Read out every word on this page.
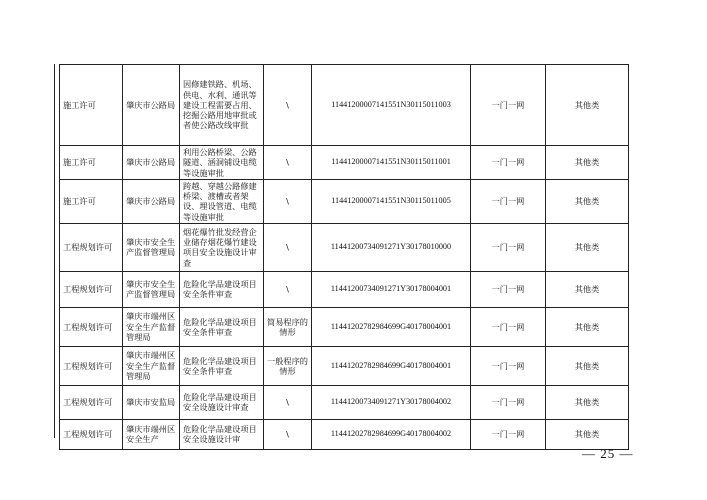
施工许可	肇庆市公路局	因修建铁路、机场、供电、水利、通讯等建设工程需要占用、挖掘公路用地审批或者使公路改线审批	\	11441200007141551N30115011003	一门一网	其他类
施工许可	肇庆市公路局	利用公路桥梁、公路隧道、涵洞铺设电缆等设施审批	\	11441200007141551N30115011001	一门一网	其他类
施工许可	肇庆市公路局	跨越、穿越公路修建桥梁、渡槽或者架设、埋设管道、电缆等设施审批	\	11441200007141551N30115011005	一门一网	其他类
工程规划许可	肇庆市安全生产监督管理局	烟花爆竹批发经营企业储存烟花爆竹建设项目安全设施设计审查	\	11441200734091271Y30178010000	一门一网	其他类
工程规划许可	肇庆市安全生产监督管理局	危险化学品建设项目安全条件审查	\	11441200734091271Y30178004001	一门一网	其他类
工程规划许可	肇庆市端州区安全生产监督管理局	危险化学品建设项目安全条件审查	简易程序的情形	11441202782984699G40178004001	一门一网	其他类
工程规划许可	肇庆市端州区安全生产监督管理局	危险化学品建设项目安全条件审查	一般程序的情形	11441202782984699G40178004001	一门一网	其他类
工程规划许可	肇庆市安监局	危险化学品建设项目安全设施设计审查	\	11441200734091271Y30178004002	一门一网	其他类
工程规划许可	肇庆市端州区安全生产	危险化学品建设项目安全设施设计审	\	11441202782984699G40178004002	一门一网	其他类
— 25 —
